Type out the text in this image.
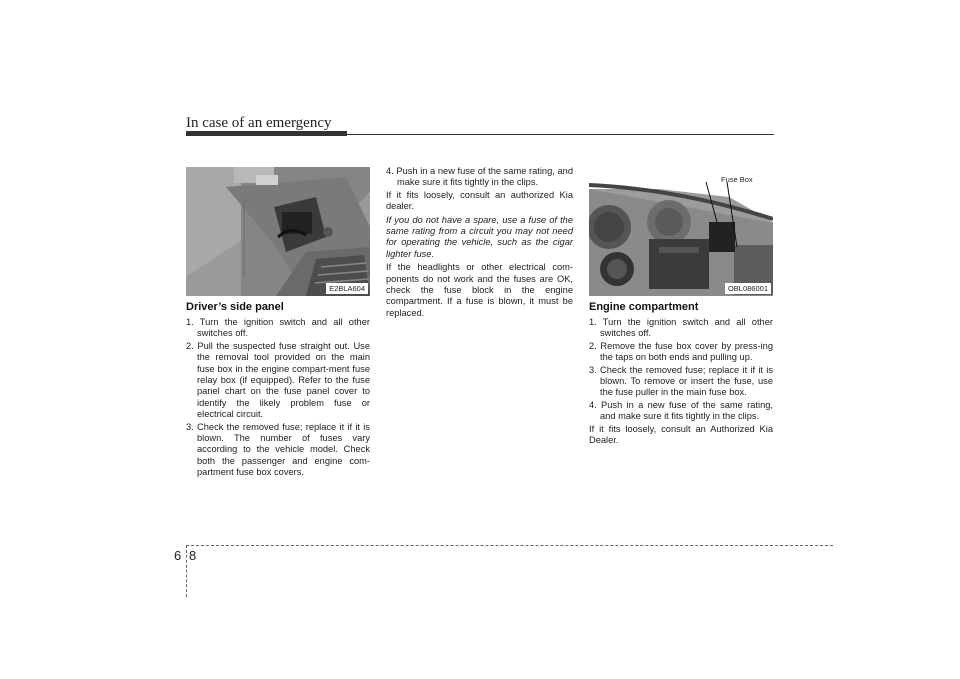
In case of an emergency
E2BLA604
Fuse Box
OBL086001
Driver’s side panel

1. Turn the ignition switch and all other switches off.

2. Pull the suspected fuse straight out. Use the removal tool provided on the main fuse box in the engine compart-ment fuse relay box (if equipped). Refer to the fuse panel chart on the fuse panel cover to identify the likely problem fuse or electrical circuit.

3. Check the removed fuse; replace it if it is blown. The number of fuses vary according to the vehicle model. Check both the passenger and engine com-partment fuse box covers.

4. Push in a new fuse of the same rating, and make sure it fits tightly in the clips.

If it fits loosely, consult an authorized Kia dealer.

If you do not have a spare, use a fuse of the same rating from a circuit you may not need for operating the vehicle, such as the cigar lighter fuse.

If the headlights or other electrical com-ponents do not work and the fuses are OK, check the fuse block in the engine compartment. If a fuse is blown, it must be replaced.	Engine compartment

1. Turn the ignition switch and all other switches off.

2. Remove the fuse box cover by press-ing the taps on both ends and pulling up.

3. Check the removed fuse; replace it if it is blown. To remove or insert the fuse, use the fuse puller in the main fuse box.

4. Push in a new fuse of the same rating, and make sure it fits tightly in the clips.

If it fits loosely, consult an Authorized Kia Dealer.

6 8
